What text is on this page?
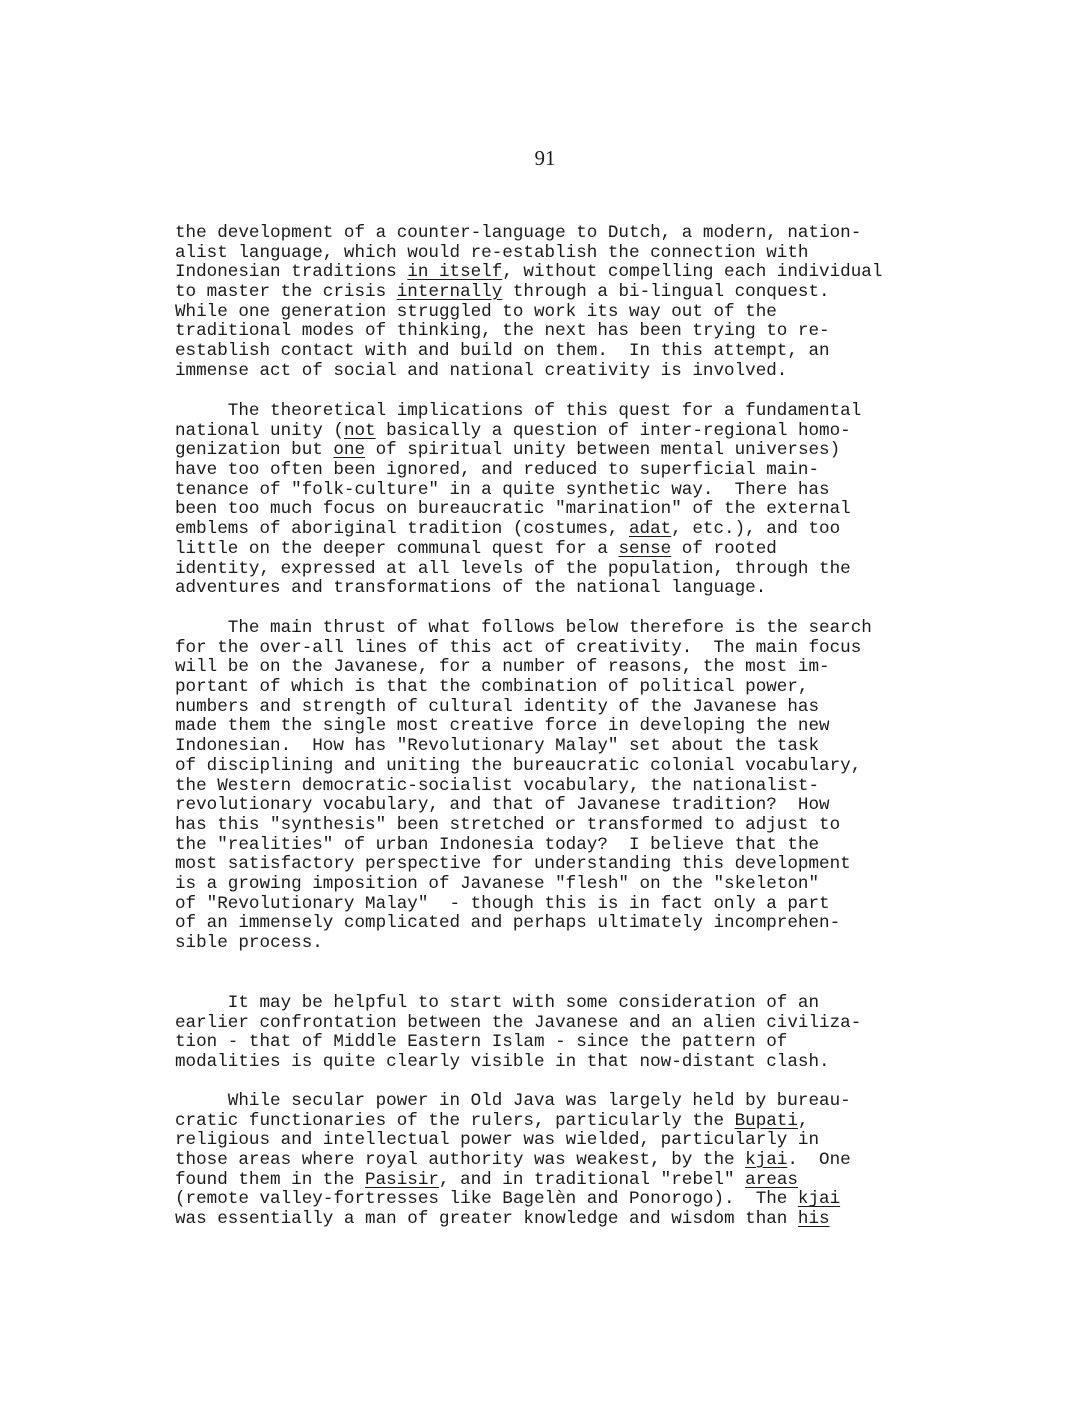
91
the development of a counter-language to Dutch, a modern, nation-
alist language, which would re-establish the connection with
Indonesian traditions in itself, without compelling each individual
to master the crisis internally through a bi-lingual conquest.
While one generation struggled to work its way out of the
traditional modes of thinking, the next has been trying to re-
establish contact with and build on them.  In this attempt, an
immense act of social and national creativity is involved.
The theoretical implications of this quest for a fundamental
national unity (not basically a question of inter-regional homo-
genization but one of spiritual unity between mental universes)
have too often been ignored, and reduced to superficial main-
tenance of "folk-culture" in a quite synthetic way.  There has
been too much focus on bureaucratic "marination" of the external
emblems of aboriginal tradition (costumes, adat, etc.), and too
little on the deeper communal quest for a sense of rooted
identity, expressed at all levels of the population, through the
adventures and transformations of the national language.
The main thrust of what follows below therefore is the search
for the over-all lines of this act of creativity.  The main focus
will be on the Javanese, for a number of reasons, the most im-
portant of which is that the combination of political power,
numbers and strength of cultural identity of the Javanese has
made them the single most creative force in developing the new
Indonesian.  How has "Revolutionary Malay" set about the task
of disciplining and uniting the bureaucratic colonial vocabulary,
the Western democratic-socialist vocabulary, the nationalist-
revolutionary vocabulary, and that of Javanese tradition?  How
has this "synthesis" been stretched or transformed to adjust to
the "realities" of urban Indonesia today?  I believe that the
most satisfactory perspective for understanding this development
is a growing imposition of Javanese "flesh" on the "skeleton"
of "Revolutionary Malay"  - though this is in fact only a part
of an immensely complicated and perhaps ultimately incomprehen-
sible process.
It may be helpful to start with some consideration of an
earlier confrontation between the Javanese and an alien civiliza-
tion - that of Middle Eastern Islam - since the pattern of
modalities is quite clearly visible in that now-distant clash.
While secular power in Old Java was largely held by bureau-
cratic functionaries of the rulers, particularly the Bupati,
religious and intellectual power was wielded, particularly in
those areas where royal authority was weakest, by the kjai.  One
found them in the Pasisir, and in traditional "rebel" areas
(remote valley-fortresses like Bagelèn and Ponorogo).  The kjai
was essentially a man of greater knowledge and wisdom than his
